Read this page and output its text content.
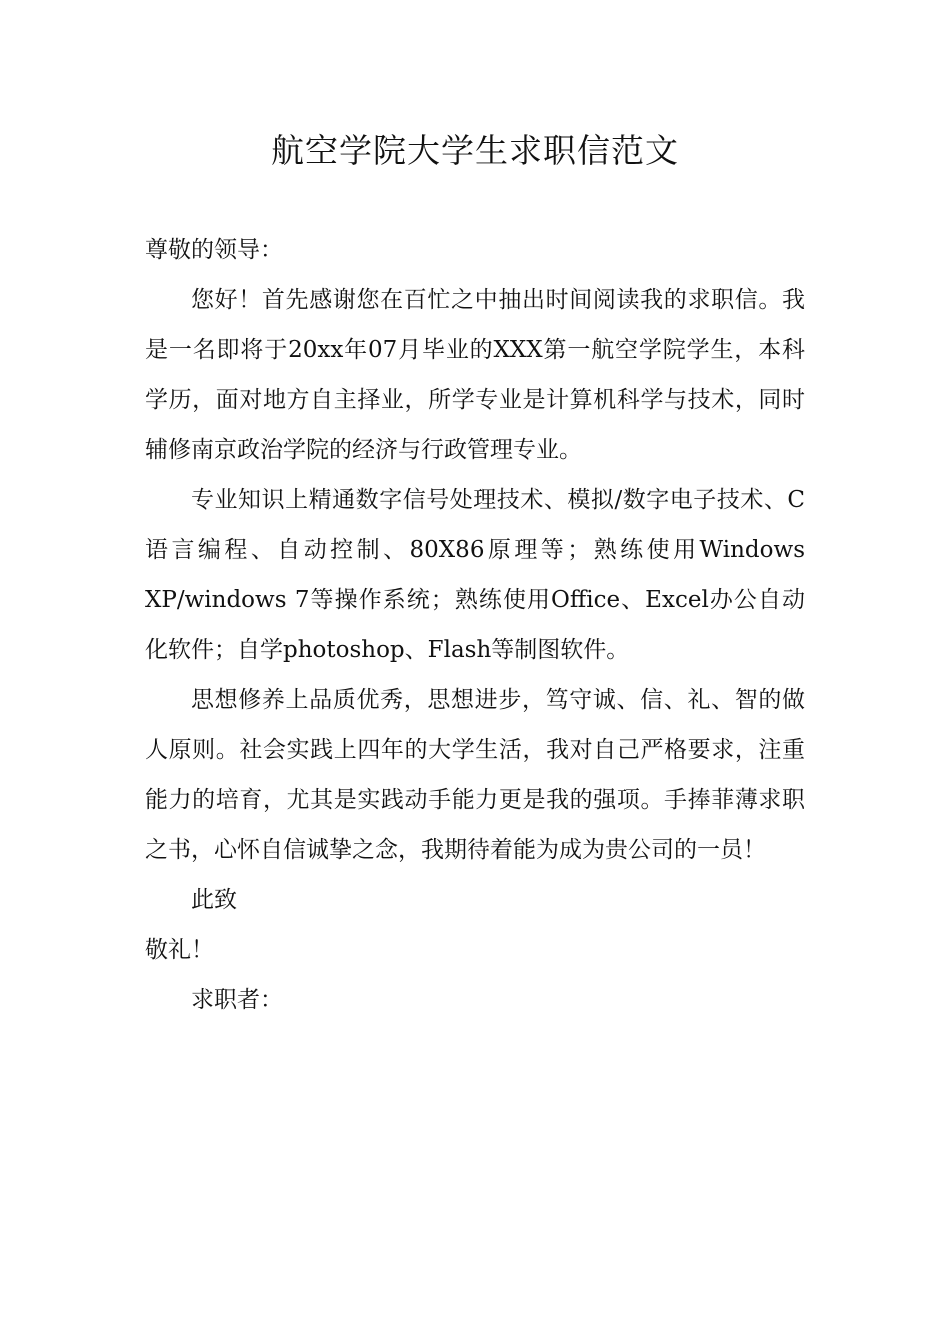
航空学院大学生求职信范文

尊敬的领导：

您好！首先感谢您在百忙之中抽出时间阅读我的求职信。我是一名即将于20xx年07月毕业的XXX第一航空学院学生，本科学历，面对地方自主择业，所学专业是计算机科学与技术，同时辅修南京政治学院的经济与行政管理专业。

专业知识上精通数字信号处理技术、模拟/数字电子技术、C语言编程、自动控制、80X86原理等；熟练使用Windows XP/windows 7等操作系统；熟练使用Office、Excel办公自动化软件；自学photoshop、Flash等制图软件。

思想修养上品质优秀，思想进步，笃守诚、信、礼、智的做人原则。社会实践上四年的大学生活，我对自己严格要求，注重能力的培育，尤其是实践动手能力更是我的强项。手捧菲薄求职之书，心怀自信诚挚之念，我期待着能为成为贵公司的一员！

此致

敬礼！

求职者：
